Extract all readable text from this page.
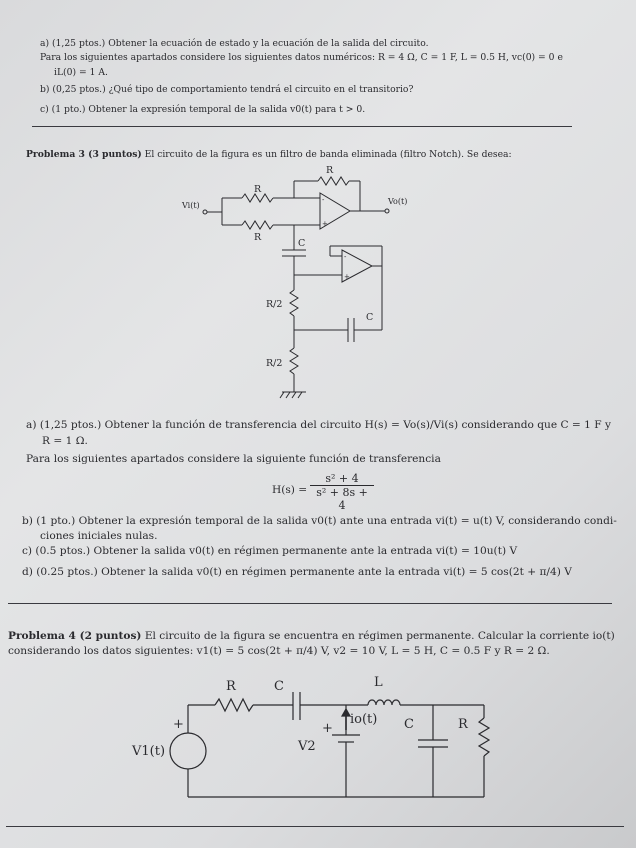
a) (1,25 ptos.) Obtener la ecuación de estado y la ecuación de la salida del circuito.
Para los siguientes apartados considere los siguientes datos numéricos: R = 4 Ω, C = 1 F, L = 0.5 H, vc(0) = 0 e
iL(0) = 1 A.
b) (0,25 ptos.) ¿Qué tipo de comportamiento tendrá el circuito en el transitorio?
c) (1 pto.) Obtener la expresión temporal de la salida v0(t) para t > 0.
Problema 3 (3 puntos) El circuito de la figura es un filtro de banda eliminada (filtro Notch). Se desea:
R
R
R
Vi(t)	Vo(t)
C
C
R/2
R/2
-
+
-
+
a) (1,25 ptos.) Obtener la función de transferencia del circuito H(s) = Vo(s)/Vi(s) considerando que C = 1 F y
R = 1 Ω.
Para los siguientes apartados considere la siguiente función de transferencia
$H(s) = \frac{\text{s² + 4}}{\text{s² + 8s + 4}}$
b) (1 pto.) Obtener la expresión temporal de la salida v0(t) ante una entrada vi(t) = u(t) V, considerando condi-
ciones iniciales nulas.
c) (0.5 ptos.) Obtener la salida v0(t) en régimen permanente ante la entrada vi(t) = 10u(t) V
d) (0.25 ptos.) Obtener la salida v0(t) en régimen permanente ante la entrada vi(t) = 5 cos(2t + π/4) V
Problema 4 (2 puntos) El circuito de la figura se encuentra en régimen permanente. Calcular la corriente io(t)
considerando los datos siguientes: v1(t) = 5 cos(2t + π/4) V, v2 = 10 V, L = 5 H, C = 0.5 F y R = 2 Ω.
R	C	L
V1(t)
+
V2
+
io(t) C	R
